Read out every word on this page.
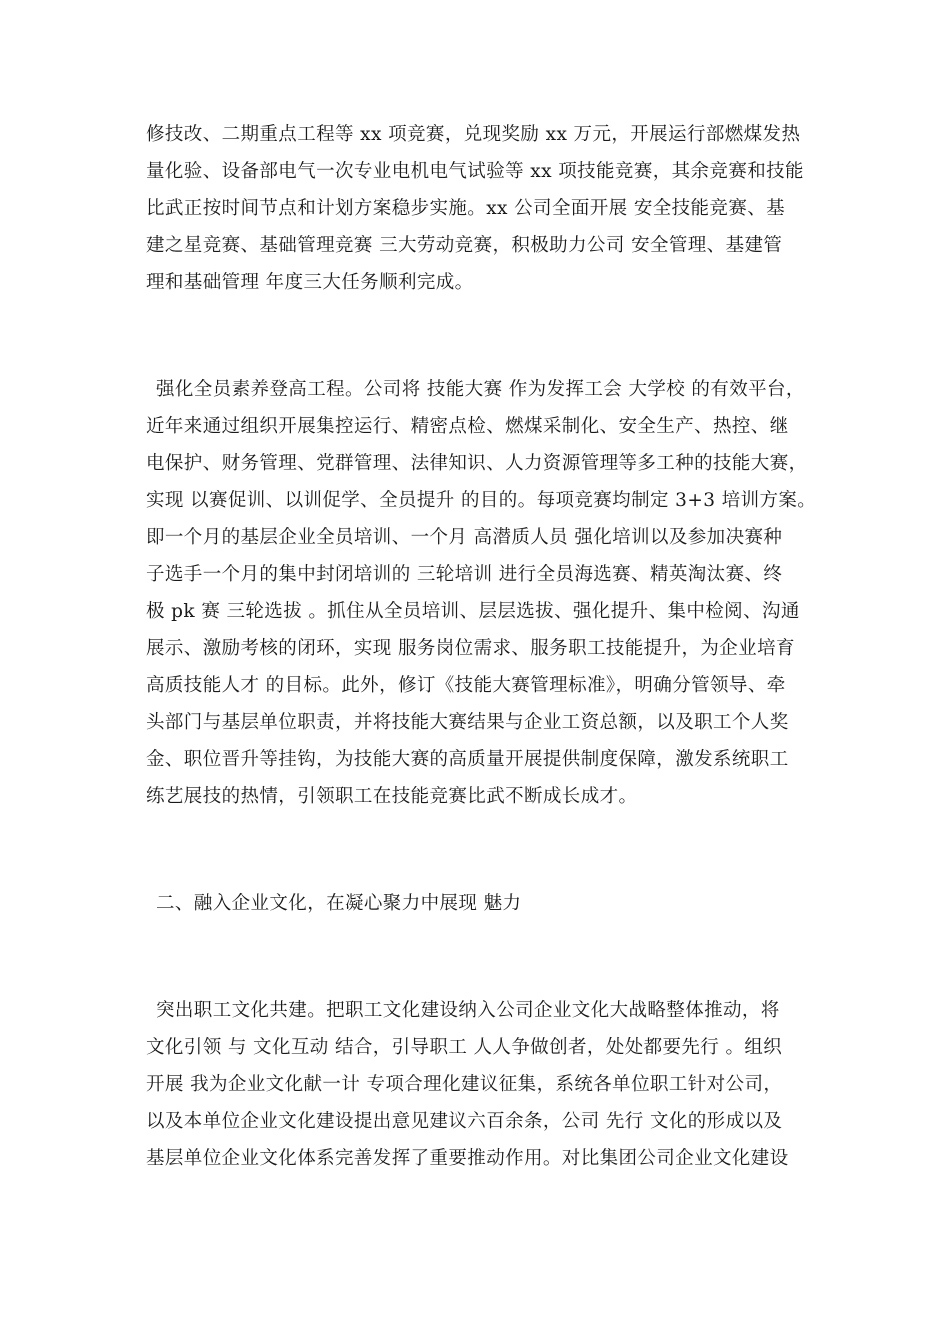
修技改、二期重点工程等 xx 项竞赛，兑现奖励 xx 万元，开展运行部燃煤发热
量化验、设备部电气一次专业电机电气试验等 xx 项技能竞赛，其余竞赛和技能
比武正按时间节点和计划方案稳步实施。xx 公司全面开展 安全技能竞赛、基
建之星竞赛、基础管理竞赛 三大劳动竞赛，积极助力公司 安全管理、基建管
理和基础管理 年度三大任务顺利完成。
强化全员素养登高工程。公司将 技能大赛 作为发挥工会 大学校 的有效平台，
近年来通过组织开展集控运行、精密点检、燃煤采制化、安全生产、热控、继
电保护、财务管理、党群管理、法律知识、人力资源管理等多工种的技能大赛，
实现 以赛促训、以训促学、全员提升 的目的。每项竞赛均制定 3+3 培训方案。
即一个月的基层企业全员培训、一个月 高潜质人员 强化培训以及参加决赛种
子选手一个月的集中封闭培训的 三轮培训 进行全员海选赛、精英淘汰赛、终
极 pk 赛 三轮选拔 。抓住从全员培训、层层选拔、强化提升、集中检阅、沟通
展示、激励考核的闭环，实现 服务岗位需求、服务职工技能提升，为企业培育
高质技能人才 的目标。此外，修订《技能大赛管理标准》，明确分管领导、牵
头部门与基层单位职责，并将技能大赛结果与企业工资总额，以及职工个人奖
金、职位晋升等挂钩，为技能大赛的高质量开展提供制度保障，激发系统职工
练艺展技的热情，引领职工在技能竞赛比武不断成长成才。
二、融入企业文化，在凝心聚力中展现 魅力
突出职工文化共建。把职工文化建设纳入公司企业文化大战略整体推动，将
文化引领 与 文化互动 结合，引导职工 人人争做创者，处处都要先行 。组织
开展 我为企业文化献一计 专项合理化建议征集，系统各单位职工针对公司，
以及本单位企业文化建设提出意见建议六百余条，公司 先行 文化的形成以及
基层单位企业文化体系完善发挥了重要推动作用。对比集团公司企业文化建设
